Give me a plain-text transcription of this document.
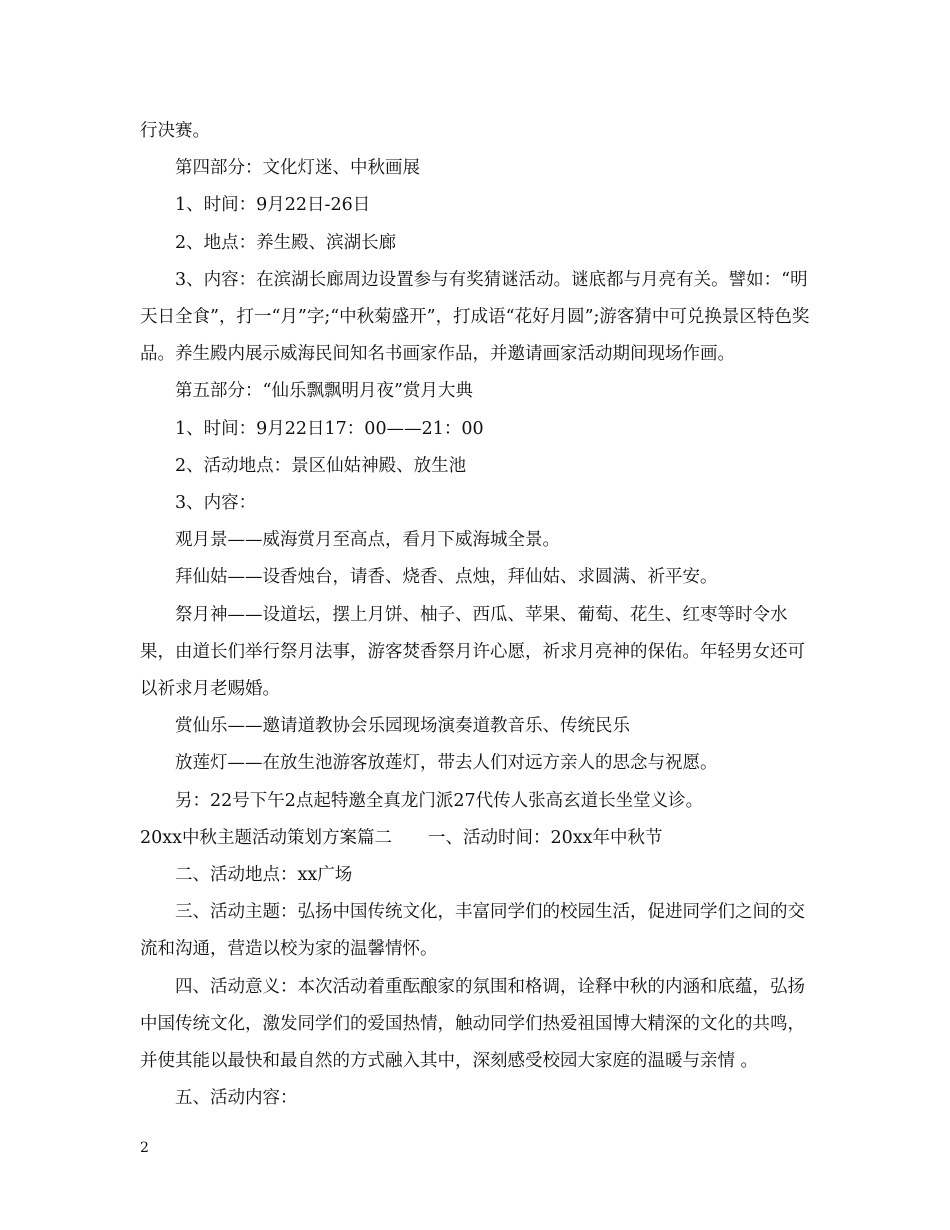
行决赛。

第四部分：文化灯迷、中秋画展

1、时间：9月22日-26日

2、地点：养生殿、滨湖长廊

3、内容：在滨湖长廊周边设置参与有奖猜谜活动。谜底都与月亮有关。譬如：“明天日全食”，打一“月”字;“中秋菊盛开”，打成语“花好月圆”;游客猜中可兑换景区特色奖品。养生殿内展示威海民间知名书画家作品，并邀请画家活动期间现场作画。

第五部分：“仙乐飘飘明月夜”赏月大典

1、时间：9月22日17：00——21：00

2、活动地点：景区仙姑神殿、放生池

3、内容：

观月景——威海赏月至高点，看月下威海城全景。

拜仙姑——设香烛台，请香、烧香、点烛，拜仙姑、求圆满、祈平安。

祭月神——设道坛，摆上月饼、柚子、西瓜、苹果、葡萄、花生、红枣等时令水果，由道长们举行祭月法事，游客焚香祭月许心愿，祈求月亮神的保佑。年轻男女还可以祈求月老赐婚。

赏仙乐——邀请道教协会乐园现场演奏道教音乐、传统民乐

放莲灯——在放生池游客放莲灯，带去人们对远方亲人的思念与祝愿。

另：22号下午2点起特邀全真龙门派27代传人张高玄道长坐堂义诊。

20xx中秋主题活动策划方案篇二 一、活动时间：20xx年中秋节

二、活动地点：xx广场

三、活动主题：弘扬中国传统文化，丰富同学们的校园生活，促进同学们之间的交流和沟通，营造以校为家的温馨情怀。

四、活动意义：本次活动着重酝酿家的氛围和格调，诠释中秋的内涵和底蕴，弘扬中国传统文化，激发同学们的爱国热情，触动同学们热爱祖国博大精深的文化的共鸣，并使其能以最快和最自然的方式融入其中，深刻感受校园大家庭的温暖与亲情 。

五、活动内容：

2
